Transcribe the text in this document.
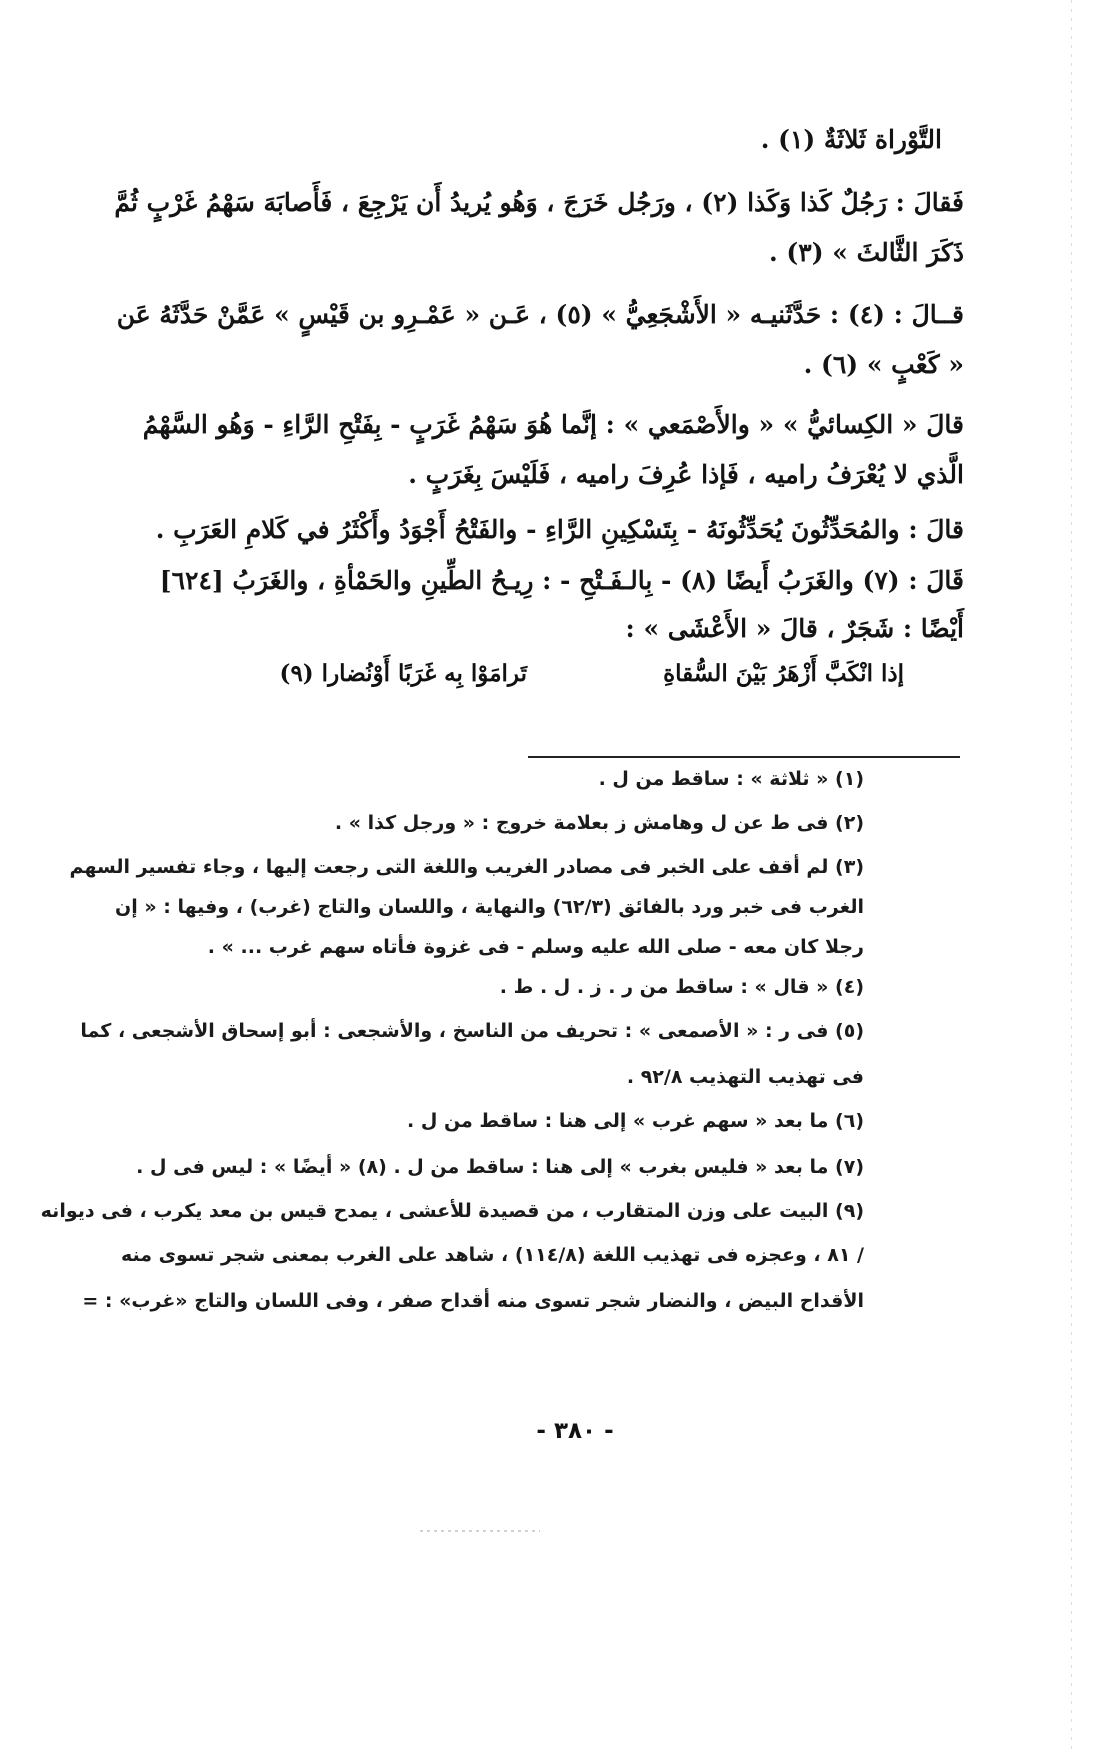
التَّوْراة ثَلاثَةٌ (١) .
فَقالَ : رَجُلٌ كَذا وَكَذا (٢) ، ورَجُل خَرَجَ ، وَهُو يُريدُ أَن يَرْجِعَ ، فَأَصابَهَ سَهْمُ غَرْبٍ ثُمَّ
ذَكَرَ الثَّالثَ » (٣) .
قــالَ : (٤) : حَدَّثَنيـه « الأَشْجَعِيُّ » (٥) ، عَـن « عَمْـرِو بن قَيْسٍ » عَمَّنْ حَدَّثَهُ عَن
« كَعْبٍ » (٦) .
قالَ « الكِسائيُّ » « والأَصْمَعي » : إنَّما هُوَ سَهْمُ غَرَبٍ - بِفَتْحِ الرَّاءِ - وَهُو السَّهْمُ
الَّذي لا يُعْرَفُ راميه ، فَإذا عُرِفَ راميه ، فَلَيْسَ بِغَرَبٍ .
قالَ : والمُحَدِّثُونَ يُحَدِّثُونَهُ - بِتَسْكِينِ الرَّاءِ - والفَتْحُ أَجْوَدُ وأَكْثَرُ في كَلامِ العَرَبِ .
قَالَ : (٧) والغَرَبُ أَيضًا (٨) - بِالـفَـتْحِ - : رِيـحُ الطِّينِ والحَمْأةِ ، والغَرَبُ [٦٢٤]
أَيْضًا : شَجَرٌ ، قالَ « الأَعْشَى » :
إذا انْكَبَّ أَزْهَرُ بَيْنَ السُّقاةِ
تَرامَوْا بِه غَرَبًا أَوْنُضارا (٩)
(١) « ثلاثة » : ساقط من ل .
(٢) فى ط عن ل وهامش ز بعلامة خروج : « ورجل كذا » .
(٣) لم أقف على الخبر فى مصادر الغريب واللغة التى رجعت إليها ، وجاء تفسير السهم
الغرب فى خبر ورد بالفائق (٦٢/٣) والنهاية ، واللسان والتاج (غرب) ، وفيها : « إن
رجلا كان معه - صلى الله عليه وسلم - فى غزوة فأتاه سهم غرب ... » .
(٤) « قال » : ساقط من ر . ز . ل . ط .
(٥) فى ر : « الأصمعى » : تحريف من الناسخ ، والأشجعى : أبو إسحاق الأشجعى ، كما
فى تهذيب التهذيب ٩٢/٨ .
(٦) ما بعد « سهم غرب » إلى هنا : ساقط من ل .
(٧) ما بعد « فليس بغرب » إلى هنا : ساقط من ل . (٨) « أيضًا » : ليس فى ل .
(٩) البيت على وزن المتقارب ، من قصيدة للأعشى ، يمدح قيس بن معد يكرب ، فى ديوانه
/ ٨١ ، وعجزه فى تهذيب اللغة (١١٤/٨) ، شاهد على الغرب بمعنى شجر تسوى منه
الأقداح البيض ، والنضار شجر تسوى منه أقداح صفر ، وفى اللسان والتاج «غرب» : =
- ٣٨٠ -
